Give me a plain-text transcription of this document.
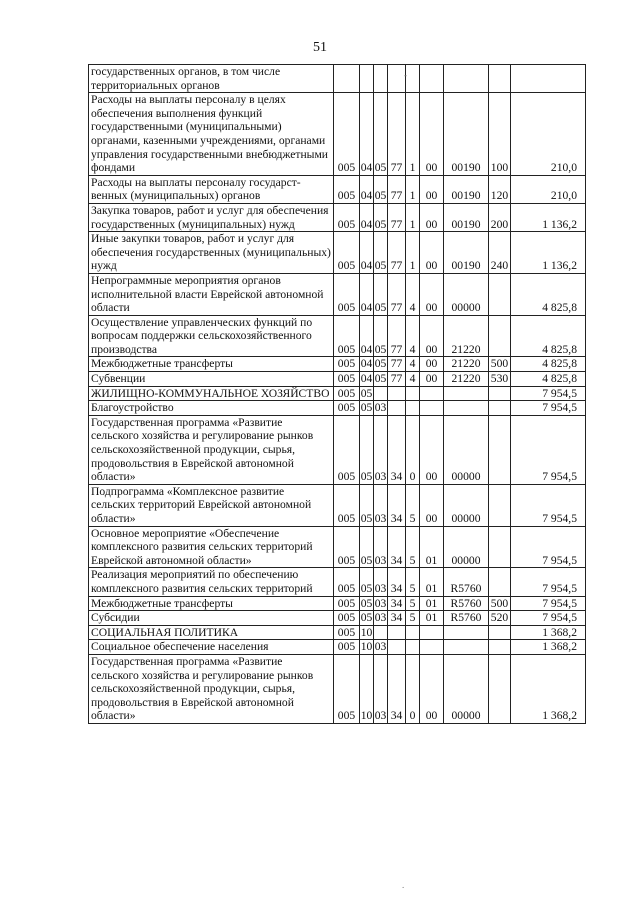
51
государственных органов, в том числе территориальных органов									
Расходы на выплаты персоналу в целях обеспечения выполнения функций государственными (муниципальными) органами, казенными учреждениями, органами управления государственными внебюджетными фондами	005	04	05	77	1	00	00190	100	210,0
Расходы на выплаты персоналу государст-венных (муниципальных) органов	005	04	05	77	1	00	00190	120	210,0
Закупка товаров, работ и услуг для обеспечения государственных (муниципальных) нужд	005	04	05	77	1	00	00190	200	1 136,2
Иные закупки товаров, работ и услуг для обеспечения государственных (муниципальных) нужд	005	04	05	77	1	00	00190	240	1 136,2
Непрограммные мероприятия органов исполнительной власти Еврейской автономной области	005	04	05	77	4	00	00000		4 825,8
Осуществление управленческих функций по вопросам поддержки сельскохозяйственного производства	005	04	05	77	4	00	21220		4 825,8
Межбюджетные трансферты	005	04	05	77	4	00	21220	500	4 825,8
Субвенции	005	04	05	77	4	00	21220	530	4 825,8
ЖИЛИЩНО-КОММУНАЛЬНОЕ ХОЗЯЙСТВО	005	05							7 954,5
Благоустройство	005	05	03						7 954,5
Государственная программа «Развитие сельского хозяйства и регулирование рынков сельскохозяйственной продукции, сырья, продовольствия в Еврейской автономной области»	005	05	03	34	0	00	00000		7 954,5
Подпрограмма «Комплексное развитие сельских территорий Еврейской автономной области»	005	05	03	34	5	00	00000		7 954,5
Основное мероприятие «Обеспечение комплексного развития сельских территорий Еврейской автономной области»	005	05	03	34	5	01	00000		7 954,5
Реализация мероприятий по обеспечению комплексного развития сельских территорий	005	05	03	34	5	01	R5760		7 954,5
Межбюджетные трансферты	005	05	03	34	5	01	R5760	500	7 954,5
Субсидии	005	05	03	34	5	01	R5760	520	7 954,5
СОЦИАЛЬНАЯ ПОЛИТИКА	005	10							1 368,2
Социальное обеспечение населения	005	10	03						1 368,2
Государственная программа «Развитие сельского хозяйства и регулирование рынков сельскохозяйственной продукции, сырья, продовольствия в Еврейской автономной области»	005	10	03	34	0	00	00000		1 368,2
-
.
